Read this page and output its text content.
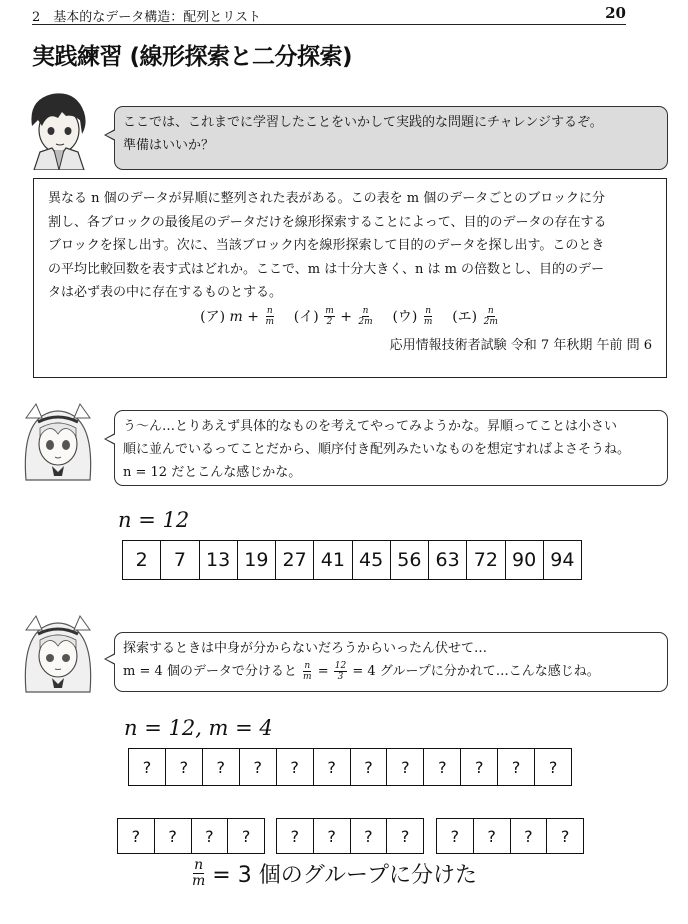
2　基本的なデータ構造：配列とリスト	20
実践練習 (線形探索と二分探索)
ここでは、これまでに学習したことをいかして実践的な問題にチャレンジするぞ。
準備はいいか？
異なる n 個のデータが昇順に整列された表がある。この表を m 個のデータごとのブロックに分
割し、各ブロックの最後尾のデータだけを線形探索することによって、目的のデータの存在する
ブロックを探し出す。次に、当該ブロック内を線形探索して目的のデータを探し出す。このとき
の平均比較回数を表す式はどれか。ここで、m は十分大きく、n は m の倍数とし、目的のデー
タは必ず表の中に存在するものとする。
(ア) $m + \frac{n}{m}$ (イ) $\frac{m}{2} + \frac{n}{2m}$ (ウ) $\frac{n}{m}$ (エ) $\frac{n}{2m}$
応用情報技術者試験 令和 7 年秋期 午前 問 6
う～ん…とりあえず具体的なものを考えてやってみようかな。昇順ってことは小さい
順に並んでいるってことだから、順序付き配列みたいなものを想定すればよさそうね。
n = 12 だとこんな感じかな。
n = 12
2	7	13 19 27 41 45 56 63 72 90 94
探索するときは中身が分からないだろうからいったん伏せて…
m = 4 個のデータで分けると $\frac{n}{m} = \frac{12}{3} = 4$ グループに分かれて…こんな感じね。
n = 12, m = 4
?	?	?	?	?	?	?	?	?	?	?	?
?	?	?	?	?	?	?	?	?	?	?	?
$\frac{n}{m} = 3$ 個のグループに分けた
